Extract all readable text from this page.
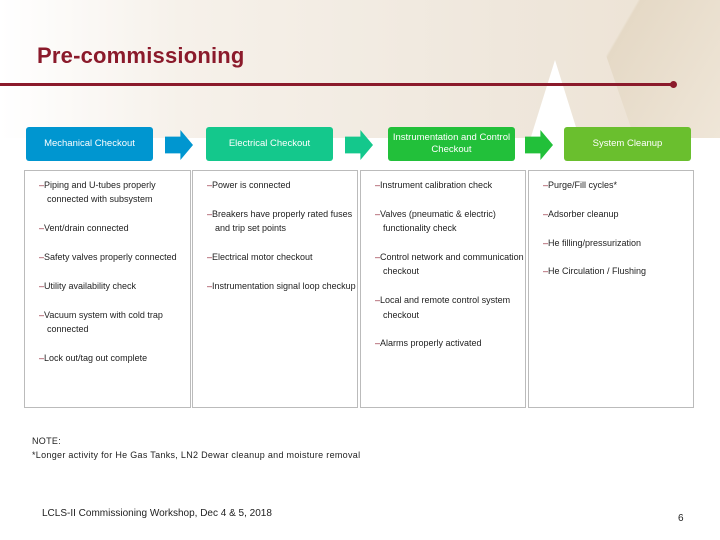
Pre-commissioning
Mechanical Checkout
– Piping and U-tubes properly connected with subsystem
– Vent/drain connected
– Safety valves properly connected
– Utility availability check
– Vacuum system with cold trap connected
– Lock out/tag out complete
Electrical Checkout
– Power is connected
– Breakers have properly rated fuses and trip set points
– Electrical motor checkout
– Instrumentation signal loop checkup
Instrumentation and Control Checkout
– Instrument calibration check
– Valves (pneumatic & electric) functionality check
– Control network and communication checkout
– Local and remote control system checkout
– Alarms properly activated
System Cleanup
– Purge/Fill cycles*
– Adsorber cleanup
– He filling/pressurization
– He Circulation / Flushing
NOTE:
*Longer activity for He Gas Tanks, LN2 Dewar cleanup and moisture removal
LCLS-II Commissioning Workshop, Dec 4 & 5, 2018	6
